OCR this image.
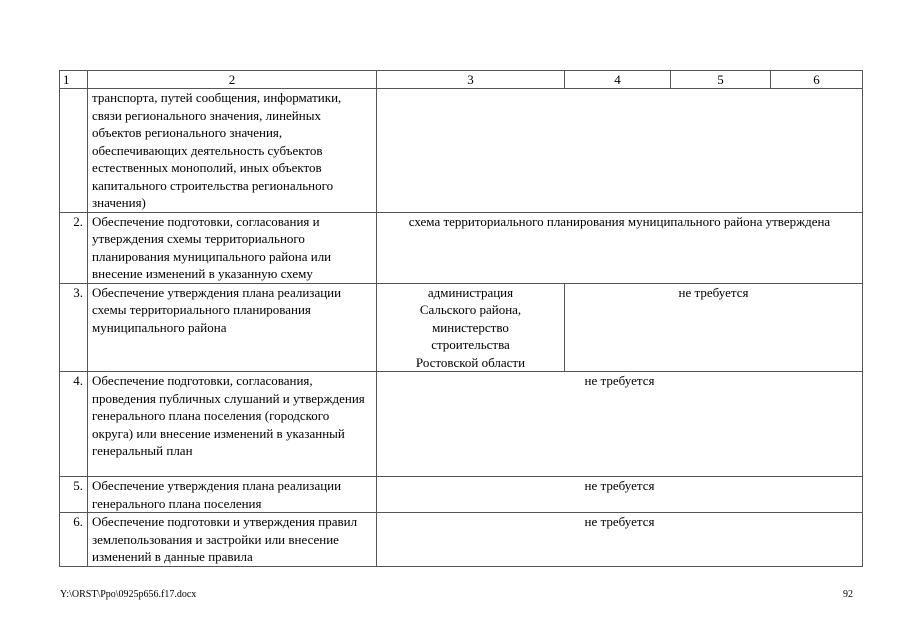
1	2	3	4	5	6
	транспорта, путей сообщения, информатики, связи регионального значения, линейных объектов регионального значения, обеспечивающих деятельность субъектов естественных монополий, иных объектов капитального строительства регионального значения)				
2.	Обеспечение подготовки, согласования и утверждения схемы территориального планирования муниципального района или внесение изменений в указанную схему	схема территориального планирования муниципального района утверждена			
3.	Обеспечение утверждения плана реализации схемы территориального планирования муниципального района	администрация Сальского района, министерство строительства Ростовской области	не требуется		
4.	Обеспечение подготовки, согласования, проведения публичных слушаний и утверждения генерального плана поселения (городского округа) или внесение изменений в указанный генеральный план	не требуется			
5.	Обеспечение утверждения плана реализации генерального плана поселения	не требуется			
6.	Обеспечение подготовки и утверждения правил землепользования и застройки или внесение изменений в данные правила	не требуется			
Y:\ORST\Ppo\0925p656.f17.docx	92
